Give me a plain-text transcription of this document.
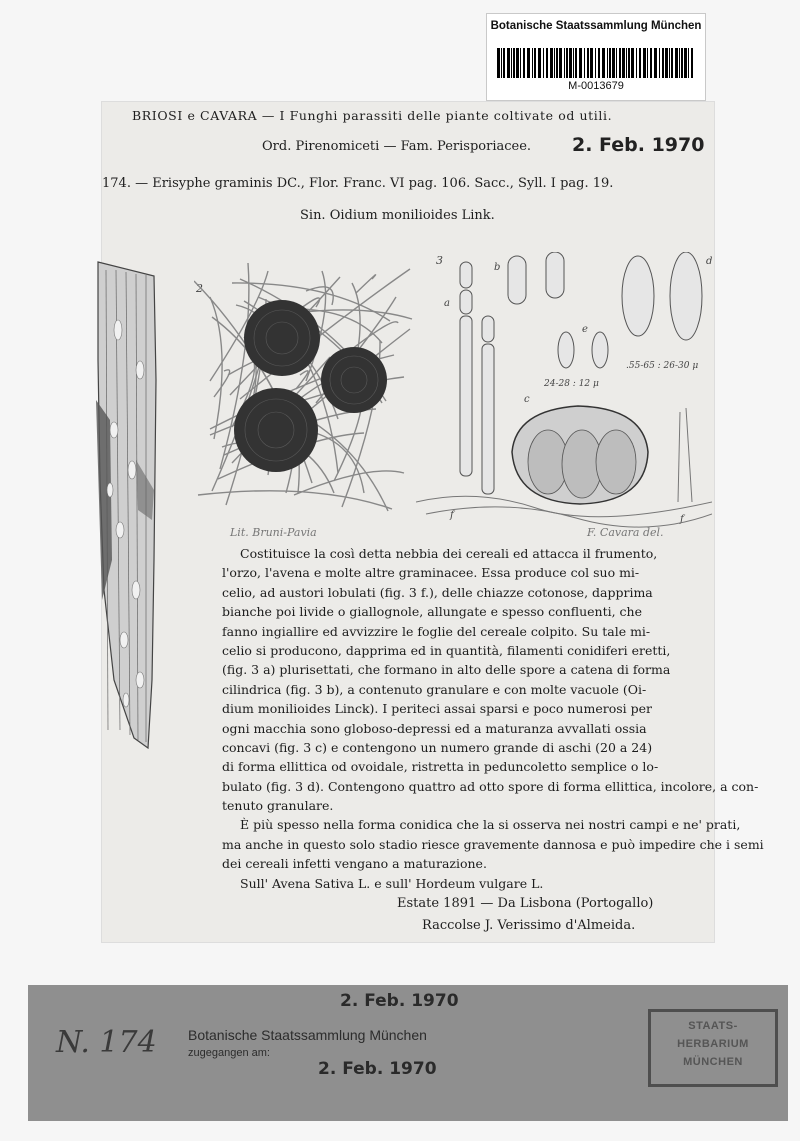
Botanische Staatssammlung München
M-0013679
BRIOSI e CAVARA — I Funghi parassiti delle piante coltivate od utili.
Ord. Pirenomiceti — Fam. Perisporiacee. 2. Feb. 1970
174. — Erisyphe graminis DC., Flor. Franc. VI pag. 106. Sacc., Syll. I pag. 19.
Sin. Oidium monilioides Link.
2
3
b
d
a
e
c
24-28 : 12 μ
.55-65 : 26-30 μ
f	f
Lit. Bruni-Pavia	F. Cavara del.
Costituisce la così detta nebbia dei cereali ed attacca il frumento,
l'orzo, l'avena e molte altre graminacee. Essa produce col suo mi-
celio, ad austori lobulati (fig. 3 f.), delle chiazze cotonose, dapprima
bianche poi livide o giallognole, allungate e spesso confluenti, che
fanno ingiallire ed avvizzire le foglie del cereale colpito. Su tale mi-
celio si producono, dapprima ed in quantità, filamenti conidiferi eretti,
(fig. 3 a) plurisettati, che formano in alto delle spore a catena di forma
cilindrica (fig. 3 b), a contenuto granulare e con molte vacuole (Oi-
dium monilioides Linck). I periteci assai sparsi e poco numerosi per
ogni macchia sono globoso-depressi ed a maturanza avvallati ossia
concavi (fig. 3 c) e contengono un numero grande di aschi (20 a 24)
di forma ellittica od ovoidale, ristretta in peduncoletto semplice o lo-
bulato (fig. 3 d). Contengono quattro ad otto spore di forma ellittica, incolore, a con-
tenuto granulare.
È più spesso nella forma conidica che la si osserva nei nostri campi e ne' prati,
ma anche in questo solo stadio riesce gravemente dannosa e può impedire che i semi
dei cereali infetti vengano a maturazione.
Sull' Avena Sativa L. e sull' Hordeum vulgare L.
Estate 1891 — Da Lisbona (Portogallo)
Raccolse J. Verissimo d'Almeida.
N. 174
2. Feb. 1970
Botanische Staatssammlung München
zugegangen am:
2. Feb. 1970
STAATS-
HERBARIUM
MÜNCHEN
